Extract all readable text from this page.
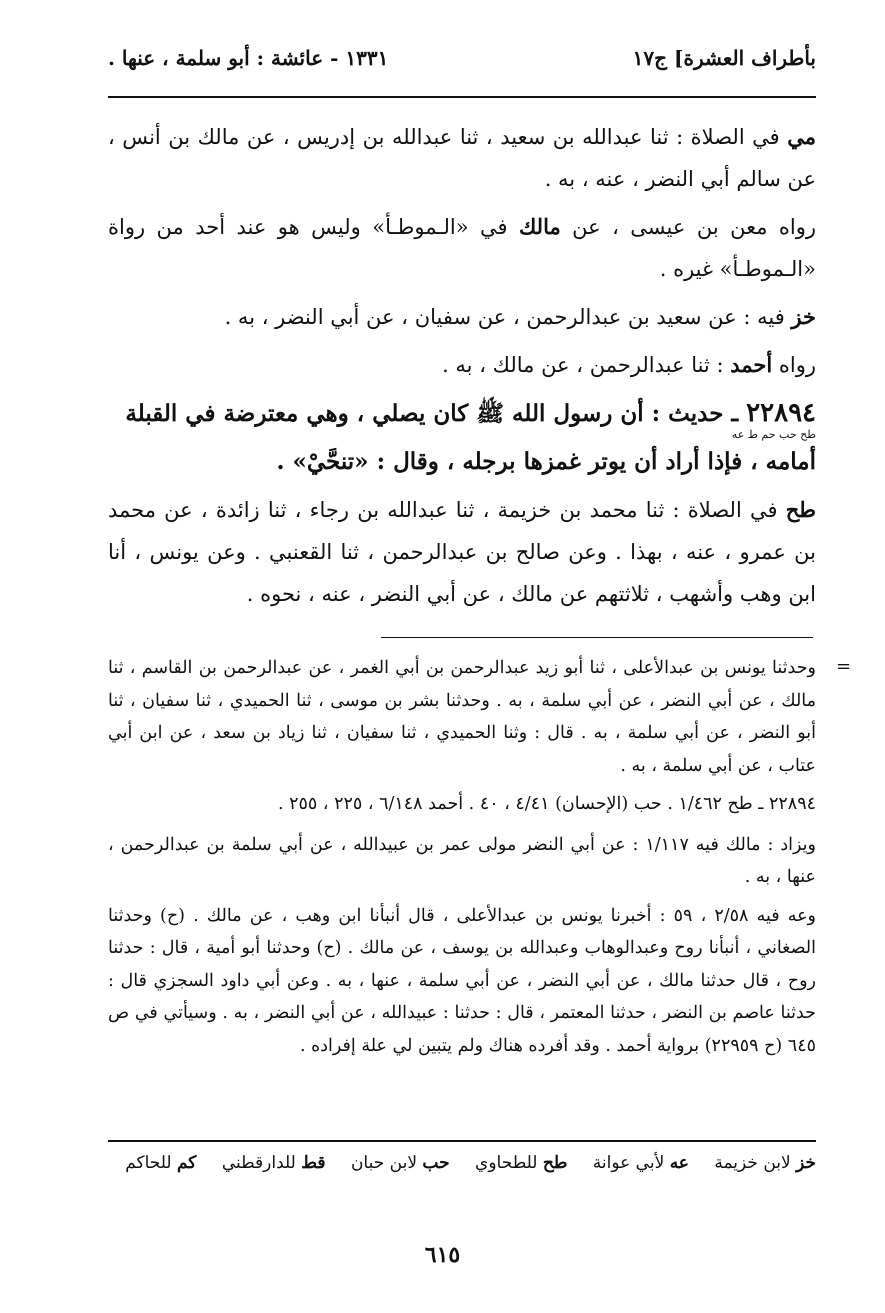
بأطراف العشرة] ج١٧
١٣٣١ - عائشة : أبو سلمة ، عنها .

مي في الصلاة : ثنا عبدالله بن سعيد ، ثنا عبدالله بن إدريس ، عن مالك بن أنس ، عن سالم أبي النضر ، عنه ، به .

رواه معن بن عيسى ، عن مالك في «الـموطـأ» وليس هو عند أحد من رواة «الـموطـأ» غيره .

خز فيه : عن سعيد بن عبدالرحمن ، عن سفيان ، عن أبي النضر ، به .

رواه أحمد : ثنا عبدالرحمن ، عن مالك ، به .

٢٢٨٩٤ ـ حديث : أن رسول الله ﷺ كان يصلي ، وهي معترضة في القبلة
طح حب حم ط عه
أمامه ، فإذا أراد أن يوتر غمزها برجله ، وقال : «تنحَّيْ» .

طح في الصلاة : ثنا محمد بن خزيمة ، ثنا عبدالله بن رجاء ، ثنا زائدة ، عن محمد بن عمرو ، عنه ، بهذا . وعن صالح بن عبدالرحمن ، ثنا القعنبي . وعن يونس ، أنا ابن وهب وأشهب ، ثلاثتهم عن مالك ، عن أبي النضر ، عنه ، نحوه .

=

وحدثنا يونس بن عبدالأعلى ، ثنا أبو زيد عبدالرحمن بن أبي الغمر ، عن عبدالرحمن بن القاسم ، ثنا مالك ، عن أبي النضر ، عن أبي سلمة ، به . وحدثنا بشر بن موسى ، ثنا الحميدي ، ثنا سفيان ، ثنا أبو النضر ، عن أبي سلمة ، به . قال : وثنا الحميدي ، ثنا سفيان ، ثنا زياد بن سعد ، عن ابن أبي عتاب ، عن أبي سلمة ، به .

٢٢٨٩٤ ـ طح ١/٤٦٢ . حب (الإحسان) ٤/٤١ ، ٤٠ . أحمد ٦/١٤٨ ، ٢٢٥ ، ٢٥٥ .

ويزاد : مالك فيه ١/١١٧ : عن أبي النضر مولى عمر بن عبيدالله ، عن أبي سلمة بن عبدالرحمن ، عنها ، به .

وعه فيه ٢/٥٨ ، ٥٩ : أخبرنا يونس بن عبدالأعلى ، قال أنبأنا ابن وهب ، عن مالك . (ح) وحدثنا الصغاني ، أنبأنا روح وعبدالوهاب وعبدالله بن يوسف ، عن مالك . (ح) وحدثنا أبو أمية ، قال : حدثنا روح ، قال حدثنا مالك ، عن أبي النضر ، عن أبي سلمة ، عنها ، به . وعن أبي داود السجزي قال : حدثنا عاصم بن النضر ، حدثنا المعتمر ، قال : حدثنا : عبيدالله ، عن أبي النضر ، به . وسيأتي في ص ٦٤٥ (ح ٢٢٩٥٩) برواية أحمد . وقد أفرده هناك ولم يتبين لي علة إفراده .

خز لابن خزيمة عه لأبي عوانة طح للطحاوي حب لابن حبان قط للدارقطني كم للحاكم
٦١٥
